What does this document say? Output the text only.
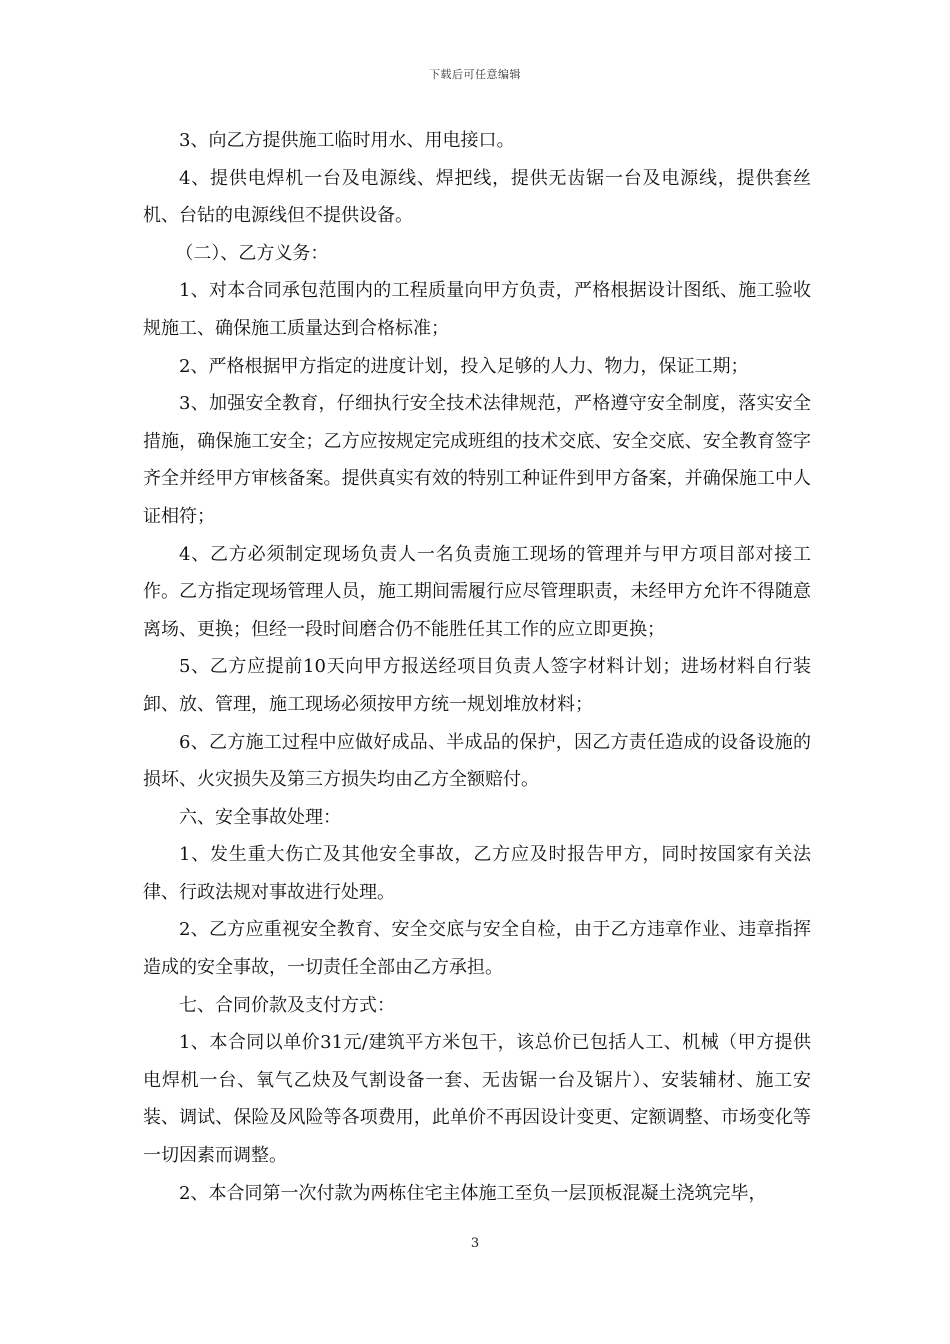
下载后可任意编辑

3、向乙方提供施工临时用水、用电接口。

4、提供电焊机一台及电源线、焊把线，提供无齿锯一台及电源线，提供套丝机、台钻的电源线但不提供设备。

（二）、乙方义务：

1、对本合同承包范围内的工程质量向甲方负责，严格根据设计图纸、施工验收规施工、确保施工质量达到合格标准；

2、严格根据甲方指定的进度计划，投入足够的人力、物力，保证工期；

3、加强安全教育，仔细执行安全技术法律规范，严格遵守安全制度，落实安全措施，确保施工安全；乙方应按规定完成班组的技术交底、安全交底、安全教育签字齐全并经甲方审核备案。提供真实有效的特别工种证件到甲方备案，并确保施工中人证相符；

4、乙方必须制定现场负责人一名负责施工现场的管理并与甲方项目部对接工作。乙方指定现场管理人员，施工期间需履行应尽管理职责，未经甲方允许不得随意离场、更换；但经一段时间磨合仍不能胜任其工作的应立即更换；

5、乙方应提前10天向甲方报送经项目负责人签字材料计划；进场材料自行装卸、放、管理，施工现场必须按甲方统一规划堆放材料；

6、乙方施工过程中应做好成品、半成品的保护，因乙方责任造成的设备设施的损坏、火灾损失及第三方损失均由乙方全额赔付。

六、安全事故处理：

1、发生重大伤亡及其他安全事故，乙方应及时报告甲方，同时按国家有关法律、行政法规对事故进行处理。

2、乙方应重视安全教育、安全交底与安全自检，由于乙方违章作业、违章指挥造成的安全事故，一切责任全部由乙方承担。

七、合同价款及支付方式：

1、本合同以单价31元/建筑平方米包干，该总价已包括人工、机械（甲方提供电焊机一台、氧气乙炔及气割设备一套、无齿锯一台及锯片）、安装辅材、施工安装、调试、保险及风险等各项费用，此单价不再因设计变更、定额调整、市场变化等一切因素而调整。

2、本合同第一次付款为两栋住宅主体施工至负一层顶板混凝土浇筑完毕，

3
